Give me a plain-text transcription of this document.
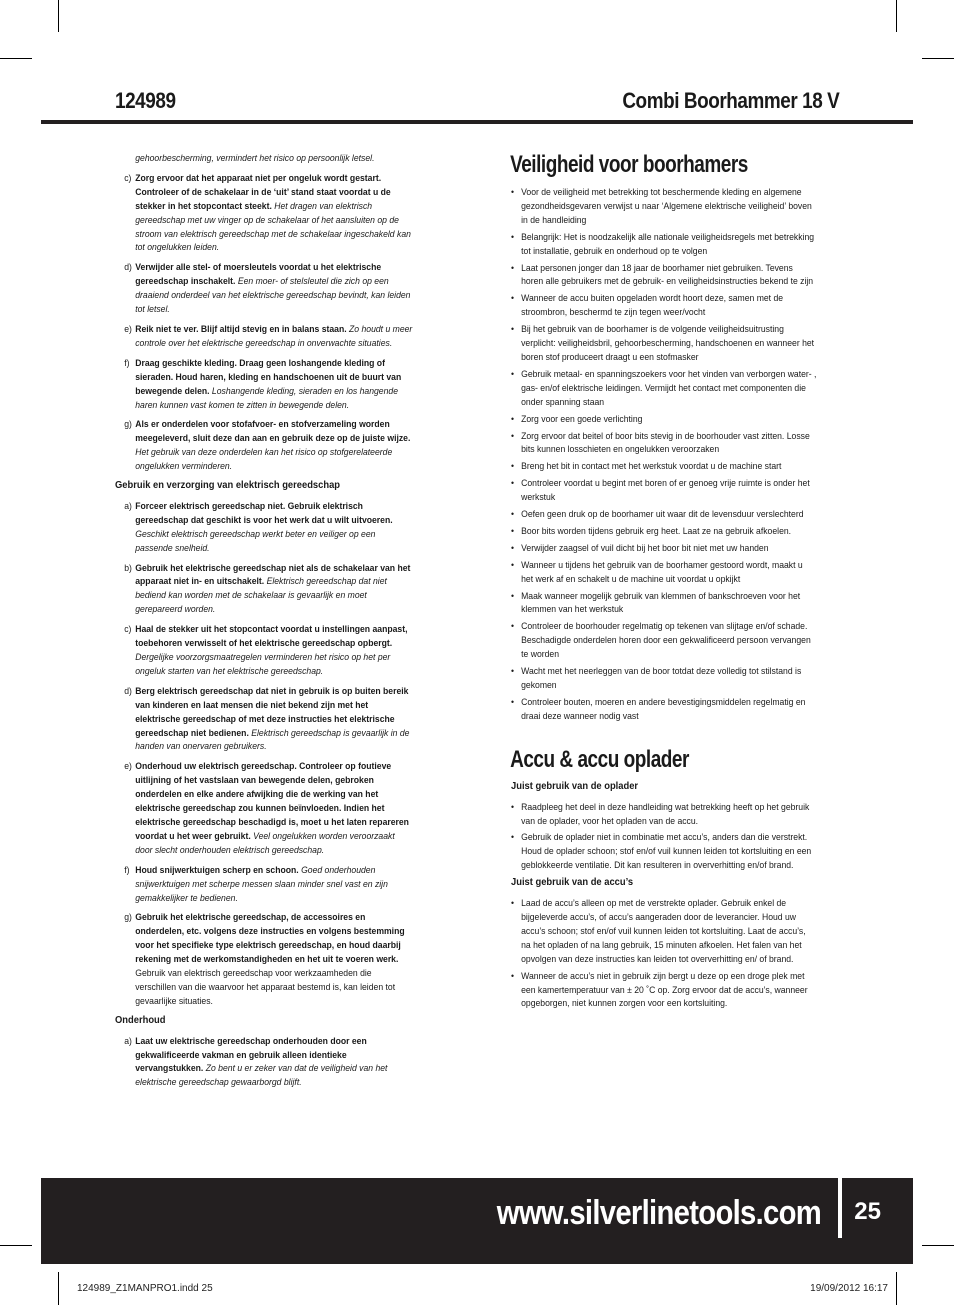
124989	Combi Boorhammer 18 V
gehoorbescherming, vermindert het risico op persoonlijk letsel.
c) Zorg ervoor dat het apparaat niet per ongeluk wordt gestart. Controleer of de schakelaar in de ‘uit’ stand staat voordat u de stekker in het stopcontact steekt. Het dragen van elektrisch gereedschap met uw vinger op de schakelaar of het aansluiten op de stroom van elektrisch gereedschap met de schakelaar ingeschakeld kan tot ongelukken leiden.
d) Verwijder alle stel- of moersleutels voordat u het elektrische gereedschap inschakelt. Een moer- of stelsleutel die zich op een draaiend onderdeel van het elektrische gereedschap bevindt, kan leiden tot letsel.
e) Reik niet te ver. Blijf altijd stevig en in balans staan. Zo houdt u meer controle over het elektrische gereedschap in onverwachte situaties.
f) Draag geschikte kleding. Draag geen loshangende kleding of sieraden. Houd haren, kleding en handschoenen uit de buurt van bewegende delen. Loshangende kleding, sieraden en los hangende haren kunnen vast komen te zitten in bewegende delen.
g) Als er onderdelen voor stofafvoer- en stofverzameling worden meegeleverd, sluit deze dan aan en gebruik deze op de juiste wijze. Het gebruik van deze onderdelen kan het risico op stofgerelateerde ongelukken verminderen.
Gebruik en verzorging van elektrisch gereedschap
a) Forceer elektrisch gereedschap niet. Gebruik elektrisch gereedschap dat geschikt is voor het werk dat u wilt uitvoeren. Geschikt elektrisch gereedschap werkt beter en veiliger op een passende snelheid.
b) Gebruik het elektrische gereedschap niet als de schakelaar van het apparaat niet in- en uitschakelt. Elektrisch gereedschap dat niet bediend kan worden met de schakelaar is gevaarlijk en moet gerepareerd worden.
c) Haal de stekker uit het stopcontact voordat u instellingen aanpast, toebehoren verwisselt of het elektrische gereedschap opbergt. Dergelijke voorzorgsmaatregelen verminderen het risico op het per ongeluk starten van het elektrische gereedschap.
d) Berg elektrisch gereedschap dat niet in gebruik is op buiten bereik van kinderen en laat mensen die niet bekend zijn met het elektrische gereedschap of met deze instructies het elektrische gereedschap niet bedienen. Elektrisch gereedschap is gevaarlijk in de handen van onervaren gebruikers.
e) Onderhoud uw elektrisch gereedschap. Controleer op foutieve uitlijning of het vastslaan van bewegende delen, gebroken onderdelen en elke andere afwijking die de werking van het elektrische gereedschap zou kunnen beïnvloeden. Indien het elektrische gereedschap beschadigd is, moet u het laten repareren voordat u het weer gebruikt. Veel ongelukken worden veroorzaakt door slecht onderhouden elektrisch gereedschap.
f) Houd snijwerktuigen scherp en schoon. Goed onderhouden snijwerktuigen met scherpe messen slaan minder snel vast en zijn gemakkelijker te bedienen.
g) Gebruik het elektrische gereedschap, de accessoires en onderdelen, etc. volgens deze instructies en volgens bestemming voor het specifieke type elektrisch gereedschap, en houd daarbij rekening met de werkomstandigheden en het uit te voeren werk. Gebruik van elektrisch gereedschap voor werkzaamheden die verschillen van die waarvoor het apparaat bestemd is, kan leiden tot gevaarlijke situaties.
Onderhoud
a) Laat uw elektrische gereedschap onderhouden door een gekwalificeerde vakman en gebruik alleen identieke vervangstukken. Zo bent u er zeker van dat de veiligheid van het elektrische gereedschap gewaarborgd blijft.
Veiligheid voor boorhamers
• Voor de veiligheid met betrekking tot beschermende kleding en algemene gezondheidsgevaren verwijst u naar ‘Algemene elektrische veiligheid’ boven in de handleiding
• Belangrijk: Het is noodzakelijk alle nationale veiligheidsregels met betrekking tot installatie, gebruik en onderhoud op te volgen
• Laat personen jonger dan 18 jaar de boorhamer niet gebruiken. Tevens horen alle gebruikers met de gebruik- en veiligheidsinstructies bekend te zijn
• Wanneer de accu buiten opgeladen wordt hoort deze, samen met de stroombron, beschermd te zijn tegen weer/vocht
• Bij het gebruik van de boorhamer is de volgende veiligheidsuitrusting verplicht: veiligheidsbril, gehoorbescherming, handschoenen en wanneer het boren stof produceert draagt u een stofmasker
• Gebruik metaal- en spanningszoekers voor het vinden van verborgen water- , gas- en/of elektrische leidingen. Vermijdt het contact met componenten die onder spanning staan
• Zorg voor een goede verlichting
• Zorg ervoor dat beitel of boor bits stevig in de boorhouder vast zitten. Losse bits kunnen losschieten en ongelukken veroorzaken
• Breng het bit in contact met het werkstuk voordat u de machine start
• Controleer voordat u begint met boren of er genoeg vrije ruimte is onder het werkstuk
• Oefen geen druk op de boorhamer uit waar dit de levensduur verslechterd
• Boor bits worden tijdens gebruik erg heet. Laat ze na gebruik afkoelen.
• Verwijder zaagsel of vuil dicht bij het boor bit niet met uw handen
• Wanneer u tijdens het gebruik van de boorhamer gestoord wordt, maakt u het werk af en schakelt u de machine uit voordat u opkijkt
• Maak wanneer mogelijk gebruik van klemmen of bankschroeven voor het klemmen van het werkstuk
• Controleer de boorhouder regelmatig op tekenen van slijtage en/of schade. Beschadigde onderdelen horen door een gekwalificeerd persoon vervangen te worden
• Wacht met het neerleggen van de boor totdat deze volledig tot stilstand is gekomen
• Controleer bouten, moeren en andere bevestigingsmiddelen regelmatig en draai deze wanneer nodig vast
Accu & accu oplader
Juist gebruik van de oplader
• Raadpleeg het deel in deze handleiding wat betrekking heeft op het gebruik van de oplader, voor het opladen van de accu.
• Gebruik de oplader niet in combinatie met accu’s, anders dan die verstrekt. Houd de oplader schoon; stof en/of vuil kunnen leiden tot kortsluiting en een geblokkeerde ventilatie. Dit kan resulteren in oververhitting en/of brand.
Juist gebruik van de accu’s
• Laad de accu’s alleen op met de verstrekte oplader. Gebruik enkel de bijgeleverde accu’s, of accu’s aangeraden door de leverancier. Houd uw accu’s schoon; stof en/of vuil kunnen leiden tot kortsluiting. Laat de accu’s, na het opladen of na lang gebruik, 15 minuten afkoelen. Het falen van het opvolgen van deze instructies kan leiden tot oververhitting en/ of brand.
• Wanneer de accu’s niet in gebruik zijn bergt u deze op een droge plek met een kamertemperatuur van ± 20 ˚C op. Zorg ervoor dat de accu’s, wanneer opgeborgen, niet kunnen zorgen voor een kortsluiting.
www.silverlinetools.com 25
124989_Z1MANPRO1.indd 25	19/09/2012 16:17
